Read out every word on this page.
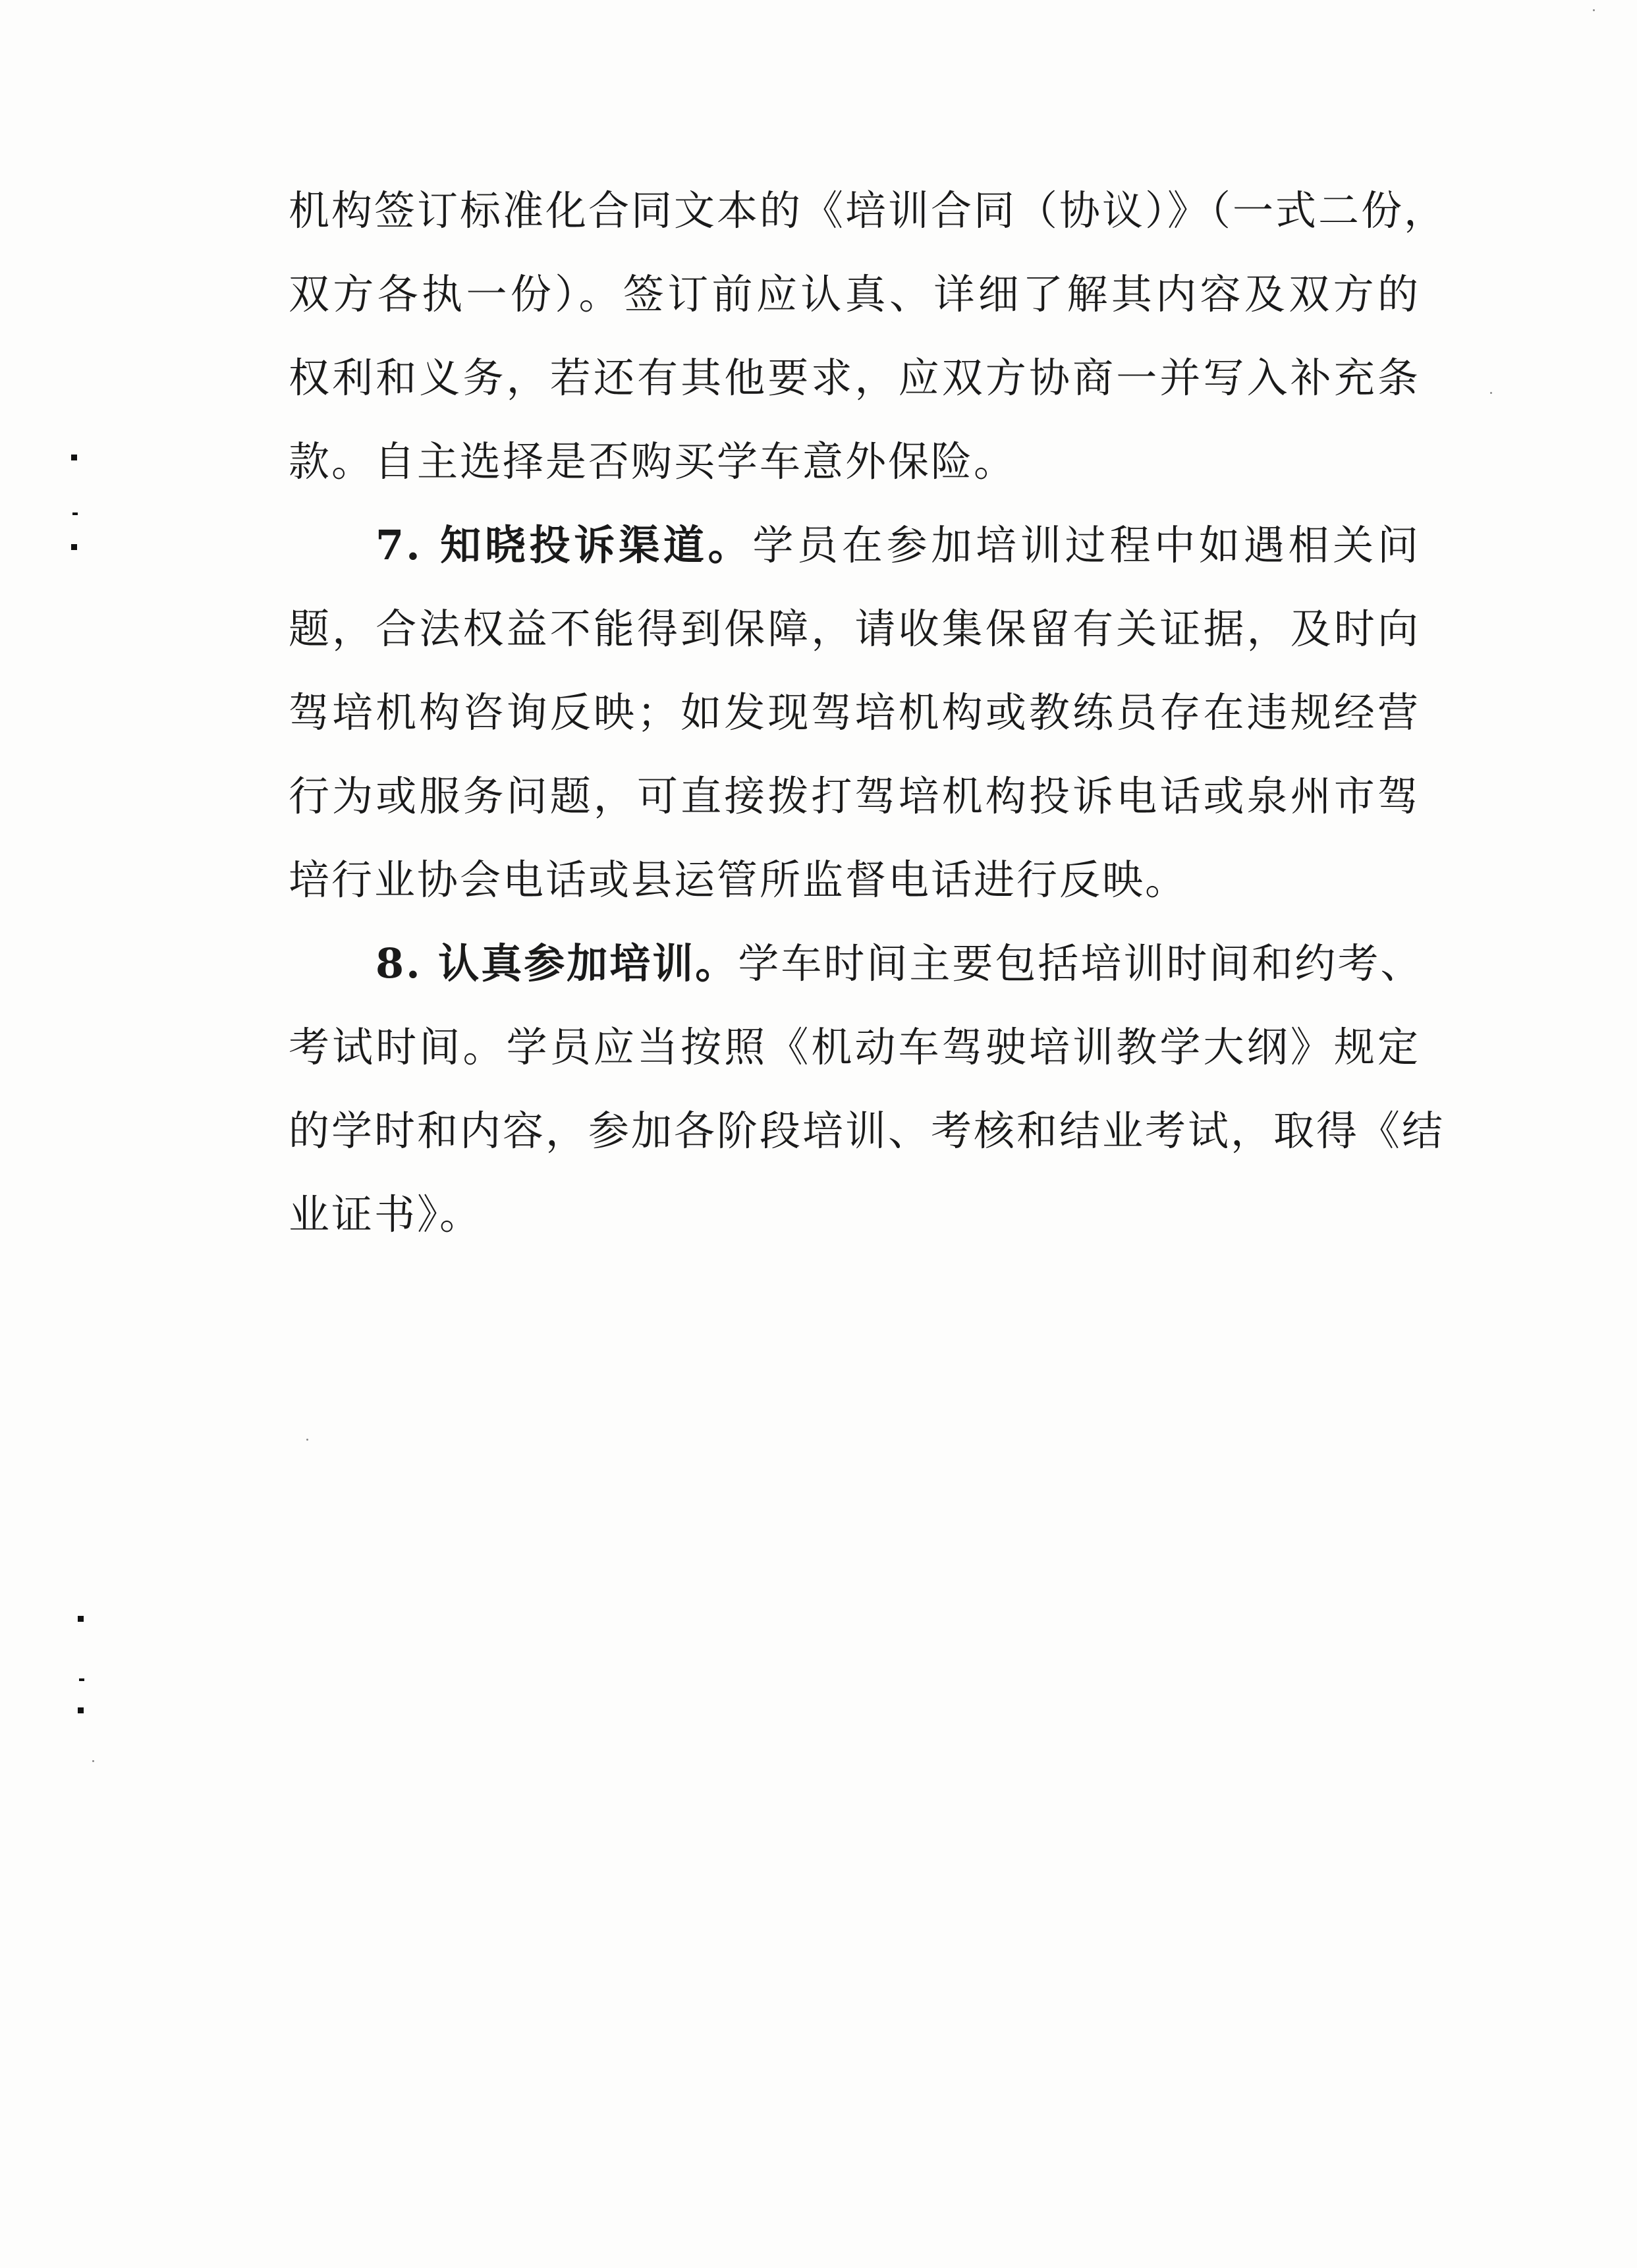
机构签订标准化合同文本的《培训合同（协议）》（一式二份，
双方各执一份）。签订前应认真、详细了解其内容及双方的
权利和义务，若还有其他要求，应双方协商一并写入补充条
款。自主选择是否购买学车意外保险。
7. 知晓投诉渠道。学员在参加培训过程中如遇相关问
题，合法权益不能得到保障，请收集保留有关证据，及时向
驾培机构咨询反映；如发现驾培机构或教练员存在违规经营
行为或服务问题，可直接拨打驾培机构投诉电话或泉州市驾
培行业协会电话或县运管所监督电话进行反映。
8. 认真参加培训。学车时间主要包括培训时间和约考、
考试时间。学员应当按照《机动车驾驶培训教学大纲》规定
的学时和内容，参加各阶段培训、考核和结业考试，取得《结
业证书》。
